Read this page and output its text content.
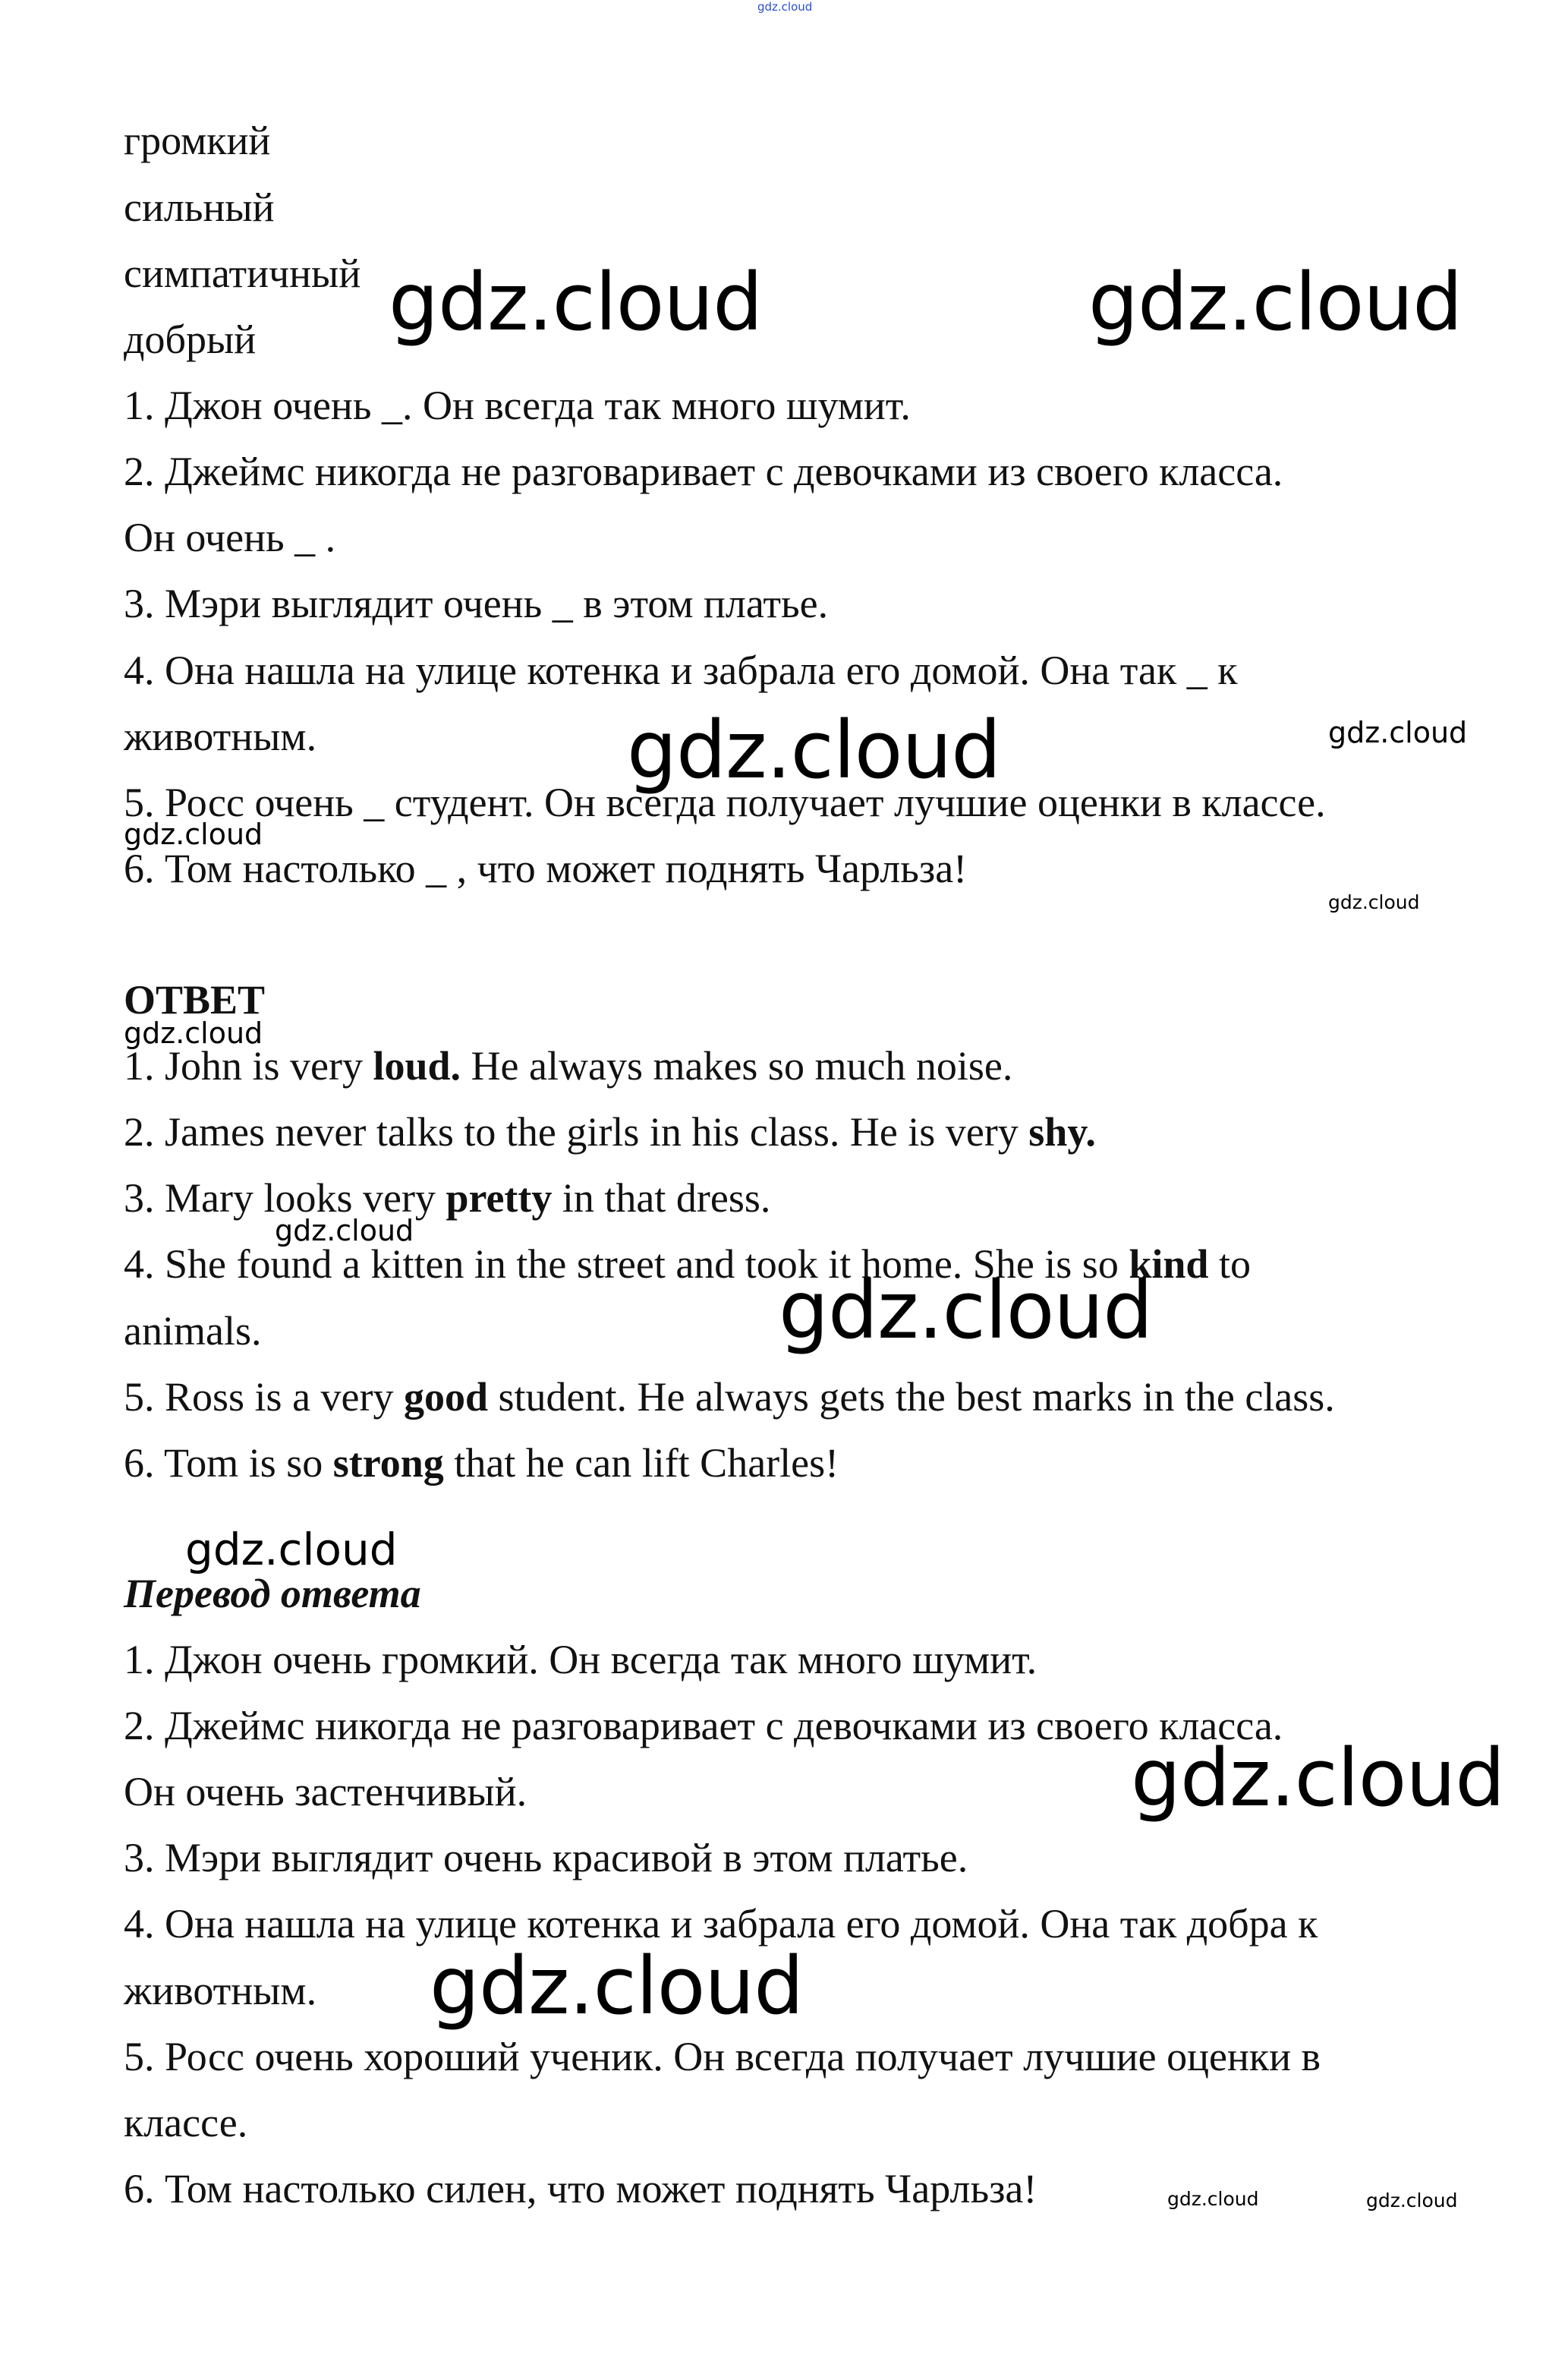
громкий

сильный

симпатичный

добрый

1. Джон очень _. Он всегда так много шумит.

2. Джеймс никогда не разговаривает с девочками из своего класса.

Он очень _ .

3. Мэри выглядит очень _ в этом платье.

4. Она нашла на улице котенка и забрала его домой. Она так _ к

животным.

5. Росс очень _ студент. Он всегда получает лучшие оценки в классе.

6. Том настолько _ , что может поднять Чарльза!

ОТВЕТ

1. John is very loud. He always makes so much noise.

2. James never talks to the girls in his class. He is very shy.

3. Mary looks very pretty in that dress.

4. She found a kitten in the street and took it home. She is so kind to

animals.

5. Ross is a very good student. He always gets the best marks in the class.

6. Tom is so strong that he can lift Charles!

Перевод ответа

1. Джон очень громкий. Он всегда так много шумит.

2. Джеймс никогда не разговаривает с девочками из своего класса.

Он очень застенчивый.

3. Мэри выглядит очень красивой в этом платье.

4. Она нашла на улице котенка и забрала его домой. Она так добра к

животным.

5. Росс очень хороший ученик. Он всегда получает лучшие оценки в

классе.

6. Том настолько силен, что может поднять Чарльза!

gdz.cloud

gdz.cloud	gdz.cloud

gdz.cloud	gdz.cloud

gdz.cloud

gdz.cloud

gdz.cloud

gdz.cloud

gdz.cloud

gdz.cloud

gdz.cloud

gdz.cloud

gdz.cloud	gdz.cloud
